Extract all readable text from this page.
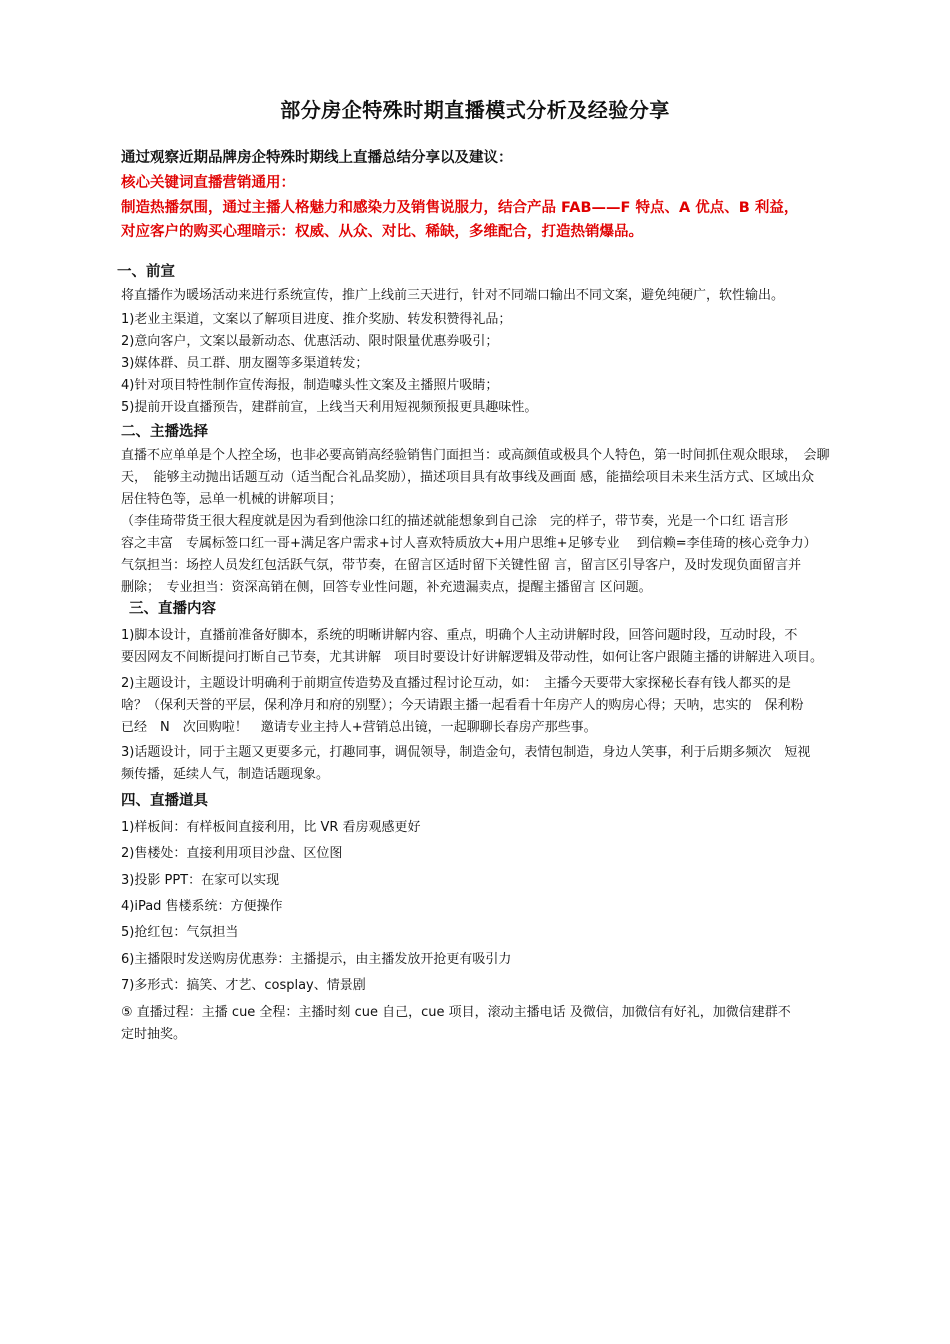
部分房企特殊时期直播模式分析及经验分享
通过观察近期品牌房企特殊时期线上直播总结分享以及建议：
核心关键词直播营销通用：
制造热播氛围，通过主播人格魅力和感染力及销售说服力，结合产品 FAB——F 特点、A 优点、B 利益，
对应客户的购买心理暗示：权威、从众、对比、稀缺，多维配合，打造热销爆品。
一、前宣
将直播作为暖场活动来进行系统宣传，推广上线前三天进行，针对不同端口输出不同文案，避免纯硬广，软性输出。
1)老业主渠道，文案以了解项目进度、推介奖励、转发积赞得礼品；
2)意向客户，文案以最新动态、优惠活动、限时限量优惠券吸引；
3)媒体群、员工群、朋友圈等多渠道转发；
4)针对项目特性制作宣传海报，制造噱头性文案及主播照片吸睛；
5)提前开设直播预告，建群前宣，上线当天利用短视频预报更具趣味性。
二、主播选择
直播不应单单是个人控全场，也非必要高销高经验销售门面担当：或高颜值或极具个人特色，第一时间抓住观众眼球，　会聊
天，　能够主动抛出话题互动（适当配合礼品奖励），描述项目具有故事线及画面 感，能描绘项目未来生活方式、区域出众
居住特色等，忌单一机械的讲解项目；
（李佳琦带货王很大程度就是因为看到他涂口红的描述就能想象到自己涂　完的样子，带节奏，光是一个口红 语言形
容之丰富　专属标签口红一哥+满足客户需求+讨人喜欢特质放大+用户思维+足够专业　 到信赖=李佳琦的核心竞争力）
气氛担当：场控人员发红包活跃气氛，带节奏，在留言区适时留下关键性留 言，留言区引导客户，及时发现负面留言并
删除；　专业担当：资深高销在侧，回答专业性问题，补充遗漏卖点，提醒主播留言 区问题。
三、直播内容
1)脚本设计，直播前准备好脚本，系统的明晰讲解内容、重点，明确个人主动讲解时段，回答问题时段，互动时段，不
要因网友不间断提问打断自己节奏，尤其讲解　项目时要设计好讲解逻辑及带动性，如何让客户跟随主播的讲解进入项目。
2)主题设计，主题设计明确利于前期宣传造势及直播过程讨论互动，如：　主播今天要带大家探秘长春有钱人都买的是
啥？（保利天誉的平层，保利净月和府的别墅）；今天请跟主播一起看看十年房产人的购房心得；天呐，忠实的　保利粉
已经　N　次回购啦！　邀请专业主持人+营销总出镜，一起聊聊长春房产那些事。
3)话题设计，同于主题又更要多元，打趣同事，调侃领导，制造金句，表情包制造，身边人笑事，利于后期多频次　短视
频传播，延续人气，制造话题现象。
四、直播道具
1)样板间：有样板间直接利用，比 VR 看房观感更好
2)售楼处：直接利用项目沙盘、区位图
3)投影 PPT：在家可以实现
4)iPad 售楼系统：方便操作
5)抢红包：气氛担当
6)主播限时发送购房优惠券：主播提示，由主播发放开抢更有吸引力
7)多形式：搞笑、才艺、cosplay、情景剧
⑤ 直播过程：主播 cue 全程：主播时刻 cue 自己，cue 项目，滚动主播电话 及微信，加微信有好礼，加微信建群不
定时抽奖。
